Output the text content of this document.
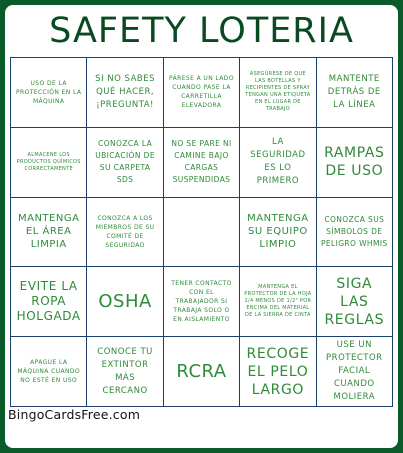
SAFETY LOTERIA
USO DE LA PROTECCIÓN EN LA MÁQUINA
SI NO SABES QUÉ HACER, ¡PREGUNTA!
PÁRESE A UN LADO CUANDO PASE LA CARRETILLA ELEVADORA
ASEGÚRESE DE QUE LAS BOTELLAS Y RECIPIENTES DE SPRAY TENGAN UNA ETIQUETA EN EL LUGAR DE TRABAJO
MANTENTE DETRÁS DE LA LÍNEA
ALMACENE LOS PRODUCTOS QUÍMICOS CORRECTAMENTE
CONOZCA LA UBICACIÓN DE SU CARPETA SDS
NO SE PARE NI CAMINE BAJO CARGAS SUSPENDIDAS
LA SEGURIDAD ES LO PRIMERO
RAMPAS DE USO
MANTENGA EL ÁREA LIMPIA
CONOZCA A LOS MIEMBROS DE SU COMITÉ DE SEGURIDAD
MANTENGA SU EQUIPO LIMPIO
CONOZCA SUS SÍMBOLOS DE PELIGRO WHMIS
EVITE LA ROPA HOLGADA
OSHA
TENER CONTACTO CON EL TRABAJADOR SI TRABAJA SOLO O EN AISLAMIENTO
MANTENGA EL PROTECTOR DE LA HOJA 1/4 MENOS DE 1/2" POR ENCIMA DEL MATERIAL DE LA SIERRA DE CINTA
SIGA LAS REGLAS
APAGUE LA MÁQUINA CUANDO NO ESTÉ EN USO
CONOCE TU EXTINTOR MÁS CERCANO
RCRA
RECOGE EL PELO LARGO
USE UN PROTECTOR FACIAL CUANDO MOLIERA
BingoCardsFree.com
